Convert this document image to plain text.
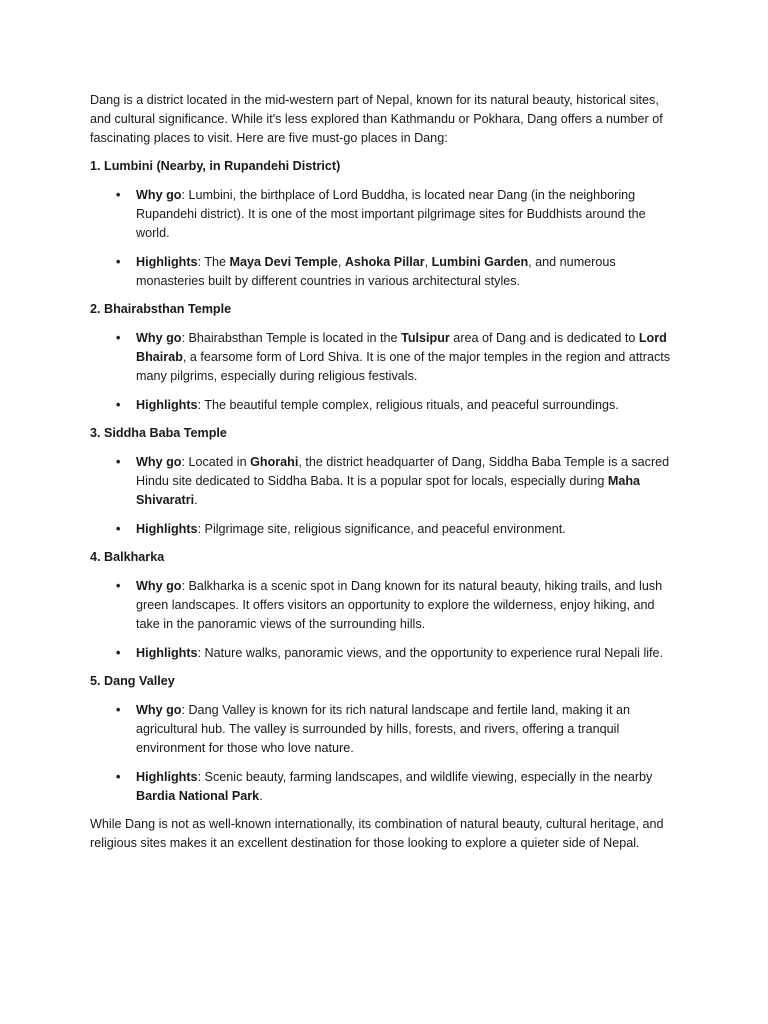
Dang is a district located in the mid-western part of Nepal, known for its natural beauty, historical sites, and cultural significance. While it's less explored than Kathmandu or Pokhara, Dang offers a number of fascinating places to visit. Here are five must-go places in Dang:

1. Lumbini (Nearby, in Rupandehi District)

• Why go: Lumbini, the birthplace of Lord Buddha, is located near Dang (in the neighboring Rupandehi district). It is one of the most important pilgrimage sites for Buddhists around the world.
• Highlights: The Maya Devi Temple, Ashoka Pillar, Lumbini Garden, and numerous monasteries built by different countries in various architectural styles.

2. Bhairabsthan Temple

• Why go: Bhairabsthan Temple is located in the Tulsipur area of Dang and is dedicated to Lord Bhairab, a fearsome form of Lord Shiva. It is one of the major temples in the region and attracts many pilgrims, especially during religious festivals.
• Highlights: The beautiful temple complex, religious rituals, and peaceful surroundings.

3. Siddha Baba Temple

• Why go: Located in Ghorahi, the district headquarter of Dang, Siddha Baba Temple is a sacred Hindu site dedicated to Siddha Baba. It is a popular spot for locals, especially during Maha Shivaratri.
• Highlights: Pilgrimage site, religious significance, and peaceful environment.

4. Balkharka

• Why go: Balkharka is a scenic spot in Dang known for its natural beauty, hiking trails, and lush green landscapes. It offers visitors an opportunity to explore the wilderness, enjoy hiking, and take in the panoramic views of the surrounding hills.
• Highlights: Nature walks, panoramic views, and the opportunity to experience rural Nepali life.

5. Dang Valley

• Why go: Dang Valley is known for its rich natural landscape and fertile land, making it an agricultural hub. The valley is surrounded by hills, forests, and rivers, offering a tranquil environment for those who love nature.
• Highlights: Scenic beauty, farming landscapes, and wildlife viewing, especially in the nearby Bardia National Park.

While Dang is not as well-known internationally, its combination of natural beauty, cultural heritage, and religious sites makes it an excellent destination for those looking to explore a quieter side of Nepal.
